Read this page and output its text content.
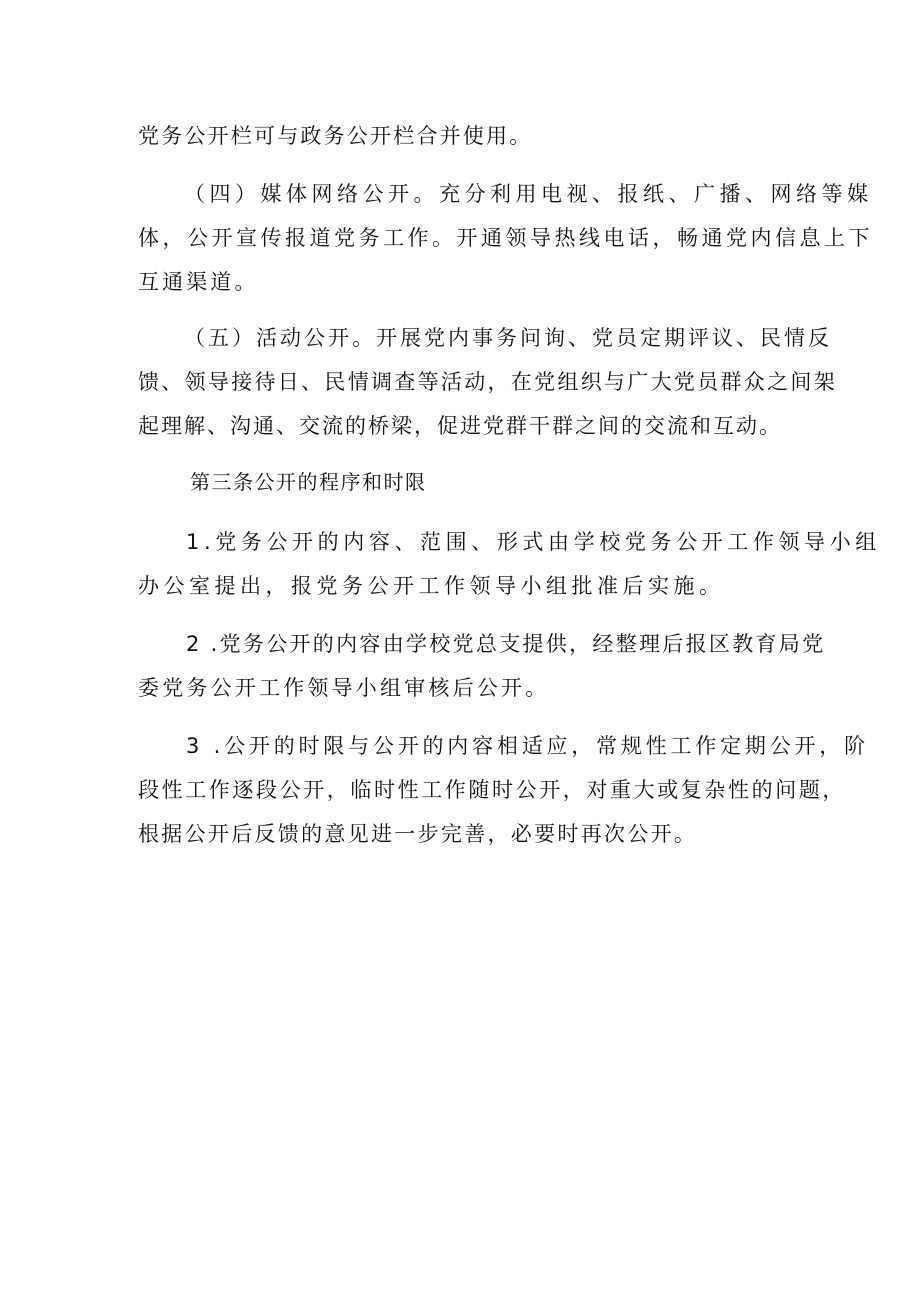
党务公开栏可与政务公开栏合并使用。
（四）媒体网络公开。充分利用电视、报纸、广播、网络等媒
体，公开宣传报道党务工作。开通领导热线电话，畅通党内信息上下
互通渠道。
（五）活动公开。开展党内事务问询、党员定期评议、民情反
馈、领导接待日、民情调查等活动，在党组织与广大党员群众之间架
起理解、沟通、交流的桥梁，促进党群干群之间的交流和互动。
第三条公开的程序和时限
1.党务公开的内容、范围、形式由学校党务公开工作领导小组
办公室提出，报党务公开工作领导小组批准后实施。
2 .党务公开的内容由学校党总支提供，经整理后报区教育局党
委党务公开工作领导小组审核后公开。
3 .公开的时限与公开的内容相适应，常规性工作定期公开，阶
段性工作逐段公开，临时性工作随时公开，对重大或复杂性的问题，
根据公开后反馈的意见进一步完善，必要时再次公开。
